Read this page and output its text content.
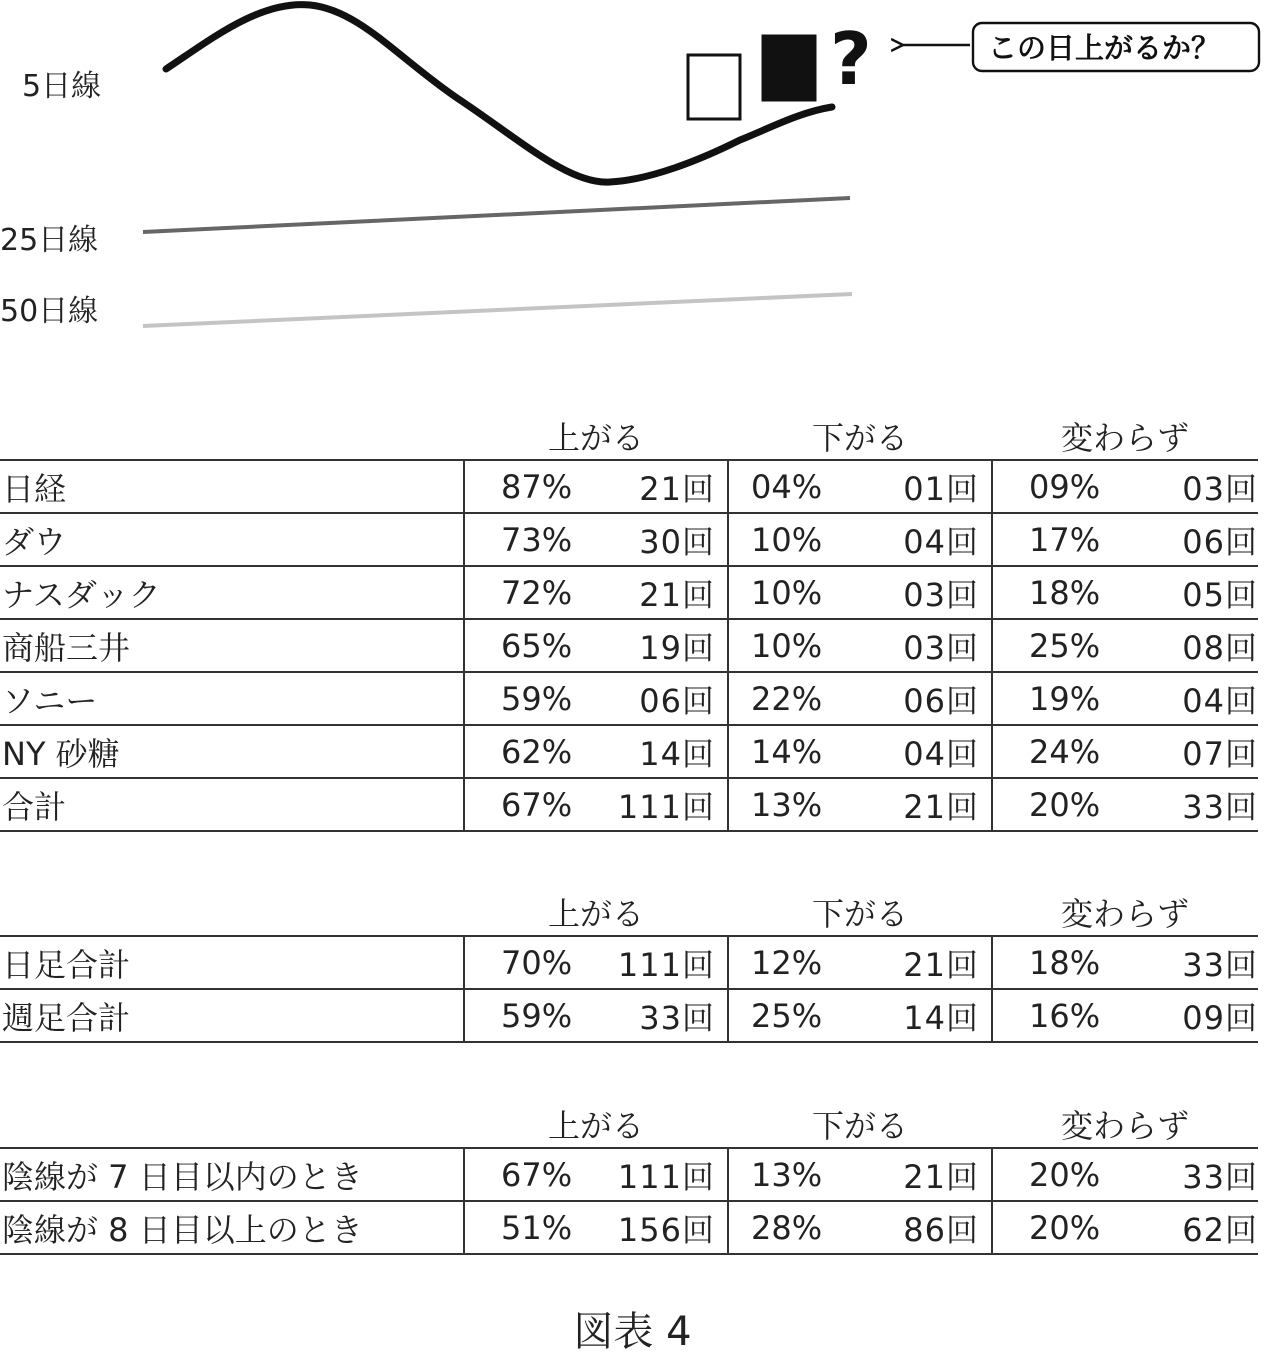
?	この日上がるか？
5日線
25日線
50日線
	上がる	下がる	変わらず
日経	87% 21回	04% 01回	09% 03回

ダウ	73% 30回	10% 04回	17% 06回

ナスダック	72% 21回	10% 03回	18% 05回

商船三井	65% 19回	10% 03回	25% 08回

ソニー	59% 06回	22% 06回	19% 04回

NY 砂糖	62% 14回	14% 04回	24% 07回

合計	67% 111回	13% 21回	20% 33回
	上がる	下がる	変わらず
日足合計	70% 111回	12% 21回	18% 33回

週足合計	59% 33回	25% 14回	16% 09回
	上がる	下がる	変わらず
陰線が 7 日目以内のとき	67% 111回	13% 21回	20% 33回

陰線が 8 日目以上のとき	51% 156回	28% 86回	20% 62回
図表 4
